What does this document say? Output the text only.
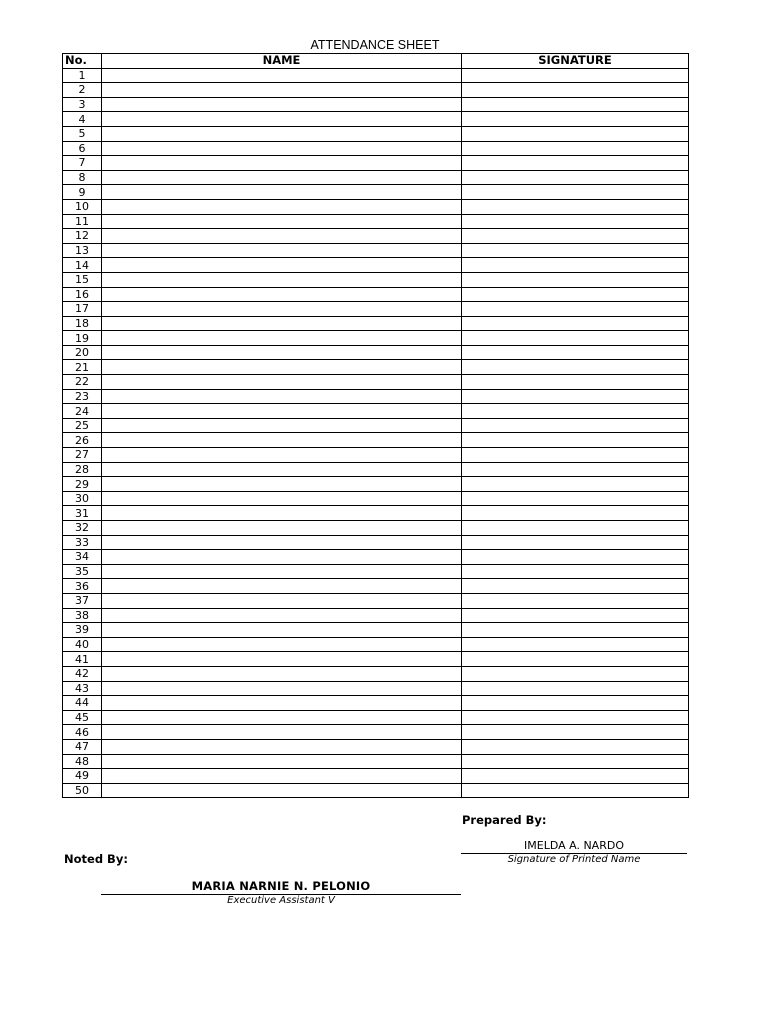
ATTENDANCE SHEET
No.	NAME	SIGNATURE
1		
2		
3		
4		
5		
6		
7		
8		
9		
10		
11		
12		
13		
14		
15		
16		
17		
18		
19		
20		
21		
22		
23		
24		
25		
26		
27		
28		
29		
30		
31		
32		
33		
34		
35		
36		
37		
38		
39		
40		
41		
42		
43		
44		
45		
46		
47		
48		
49		
50		
Prepared By:
IMELDA A. NARDO
Signature of Printed Name
Noted By:
MARIA NARNIE N. PELONIO
Executive Assistant V
